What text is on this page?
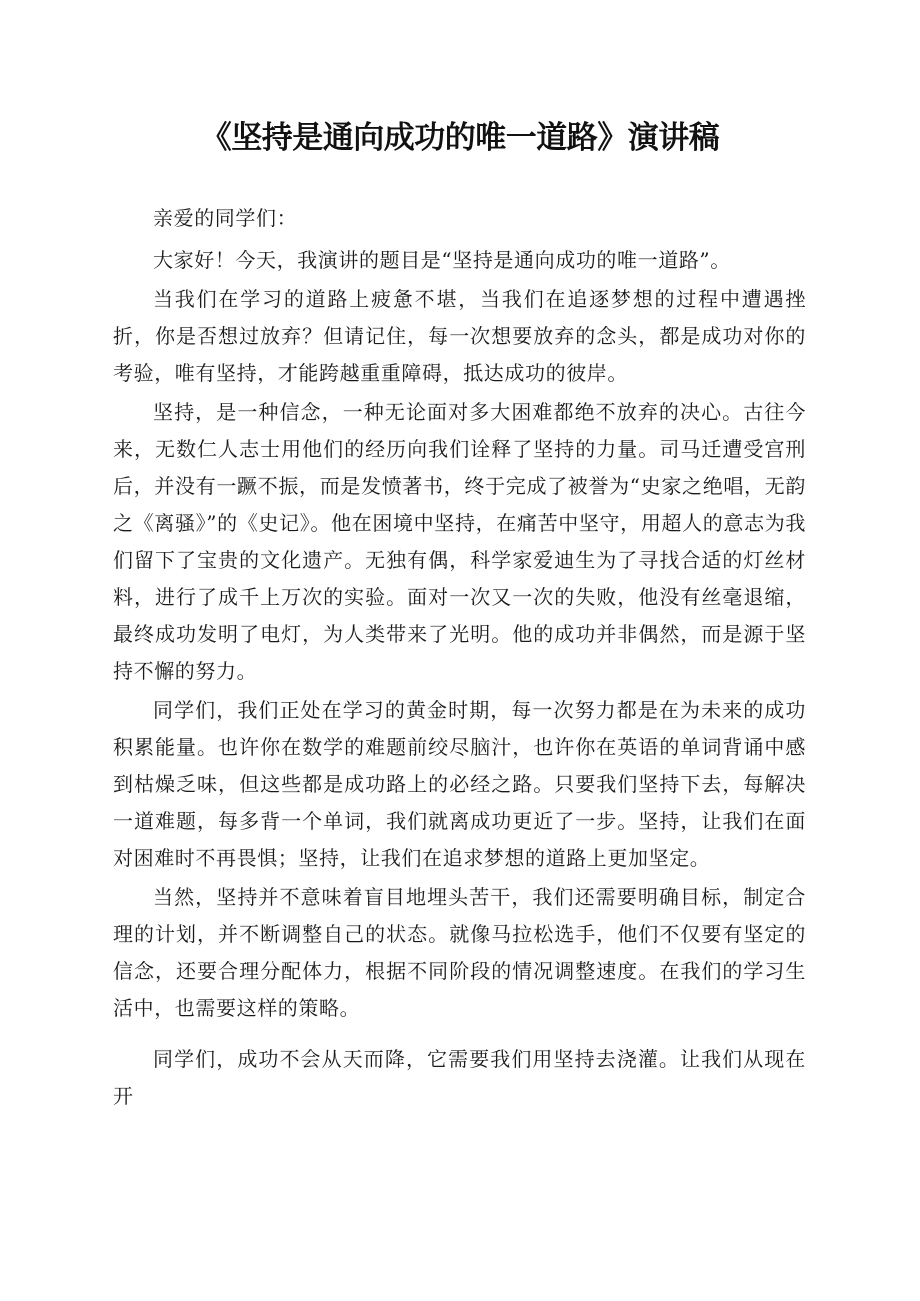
《坚持是通向成功的唯一道路》演讲稿

亲爱的同学们：

大家好！今天，我演讲的题目是“坚持是通向成功的唯一道路”。

当我们在学习的道路上疲惫不堪，当我们在追逐梦想的过程中遭遇挫折，你是否想过放弃？但请记住，每一次想要放弃的念头，都是成功对你的考验，唯有坚持，才能跨越重重障碍，抵达成功的彼岸。

坚持，是一种信念，一种无论面对多大困难都绝不放弃的决心。古往今来，无数仁人志士用他们的经历向我们诠释了坚持的力量。司马迁遭受宫刑后，并没有一蹶不振，而是发愤著书，终于完成了被誉为“史家之绝唱，无韵之《离骚》”的《史记》。他在困境中坚持，在痛苦中坚守，用超人的意志为我们留下了宝贵的文化遗产。无独有偶，科学家爱迪生为了寻找合适的灯丝材料，进行了成千上万次的实验。面对一次又一次的失败，他没有丝毫退缩，最终成功发明了电灯，为人类带来了光明。他的成功并非偶然，而是源于坚持不懈的努力。

同学们，我们正处在学习的黄金时期，每一次努力都是在为未来的成功积累能量。也许你在数学的难题前绞尽脑汁，也许你在英语的单词背诵中感到枯燥乏味，但这些都是成功路上的必经之路。只要我们坚持下去，每解决一道难题，每多背一个单词，我们就离成功更近了一步。坚持，让我们在面对困难时不再畏惧；坚持，让我们在追求梦想的道路上更加坚定。

当然，坚持并不意味着盲目地埋头苦干，我们还需要明确目标，制定合理的计划，并不断调整自己的状态。就像马拉松选手，他们不仅要有坚定的信念，还要合理分配体力，根据不同阶段的情况调整速度。在我们的学习生活中，也需要这样的策略。

同学们，成功不会从天而降，它需要我们用坚持去浇灌。让我们从现在开
